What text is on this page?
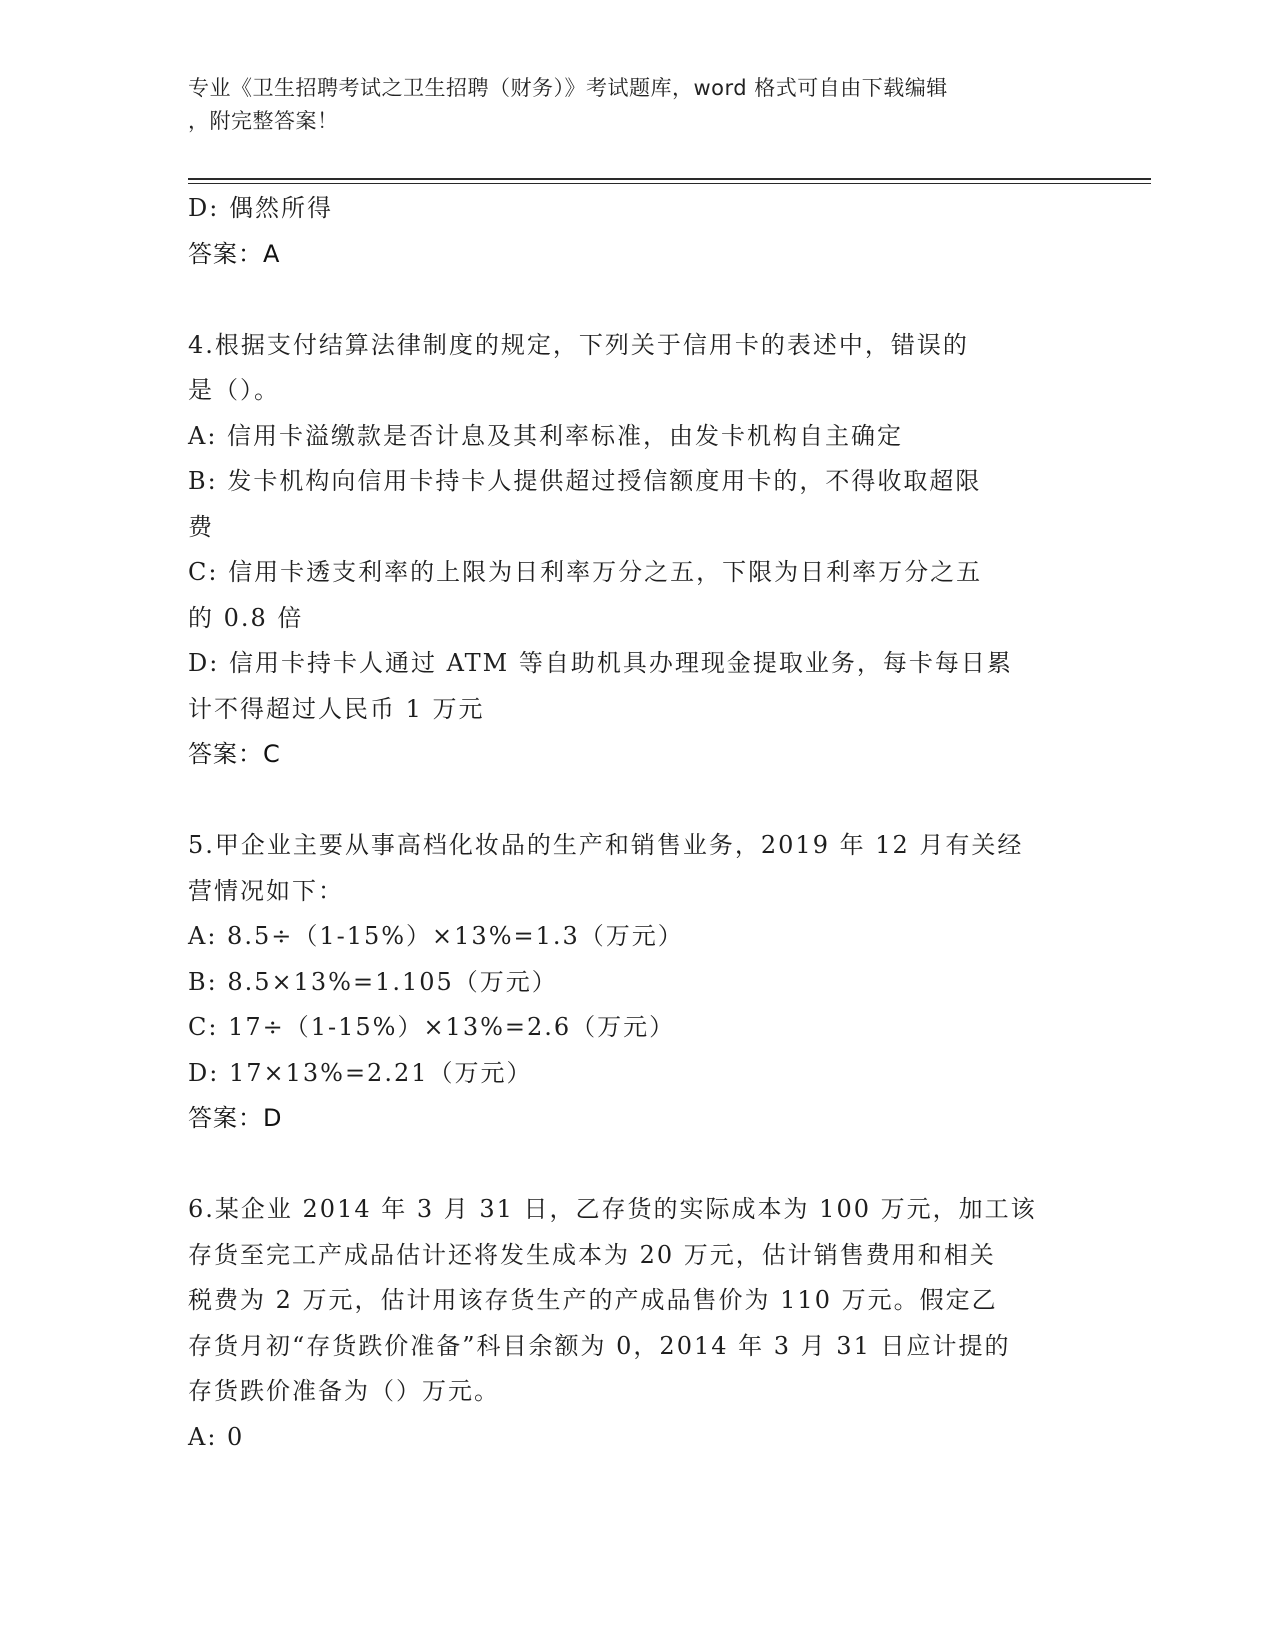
专业《卫生招聘考试之卫生招聘（财务）》考试题库，word 格式可自由下载编辑
，附完整答案！
D: 偶然所得
答案：A
4.根据支付结算法律制度的规定，下列关于信用卡的表述中，错误的
是（）。
A: 信用卡溢缴款是否计息及其利率标准，由发卡机构自主确定
B: 发卡机构向信用卡持卡人提供超过授信额度用卡的，不得收取超限
费
C: 信用卡透支利率的上限为日利率万分之五，下限为日利率万分之五
的 0.8 倍
D: 信用卡持卡人通过 ATM 等自助机具办理现金提取业务，每卡每日累
计不得超过人民币 1 万元
答案：C
5.甲企业主要从事高档化妆品的生产和销售业务，2019 年 12 月有关经
营情况如下：
A: 8.5÷（1-15%）×13%=1.3（万元）
B: 8.5×13%=1.105（万元）
C: 17÷（1-15%）×13%=2.6（万元）
D: 17×13%=2.21（万元）
答案：D
6.某企业 2014 年 3 月 31 日，乙存货的实际成本为 100 万元，加工该
存货至完工产成品估计还将发生成本为 20 万元，估计销售费用和相关
税费为 2 万元，估计用该存货生产的产成品售价为 110 万元。假定乙
存货月初“存货跌价准备”科目余额为 0，2014 年 3 月 31 日应计提的
存货跌价准备为（）万元。
A: 0
